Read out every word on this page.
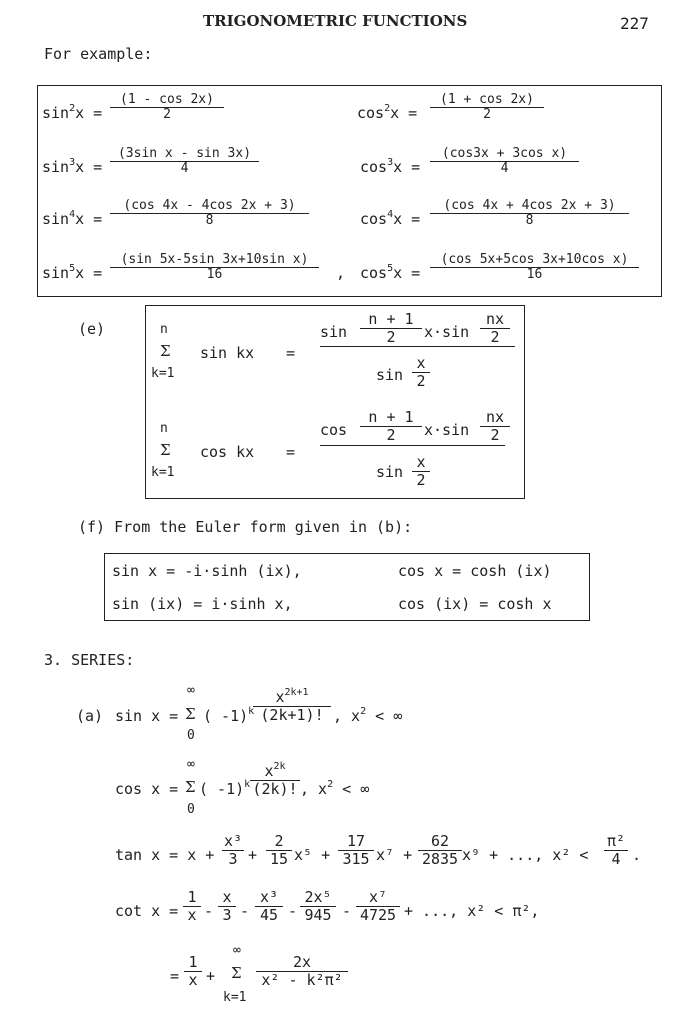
TRIGONOMETRIC FUNCTIONS	227
For example:
$\sin^2x = \frac{(1 - \cos 2x)}{2}$	$\cos^2x = \frac{(1 + \cos 2x)}{2}$
$\sin^3x = \frac{\text{(3sin x - sin 3x)}}{4}$	$\cos^3x = \frac{\text{(cos3x + 3cos x)}}{4}$
$\sin^4x = \frac{(\cos 4x - 4\cos 2x + 3)}{8}$	$\cos^4x = \frac{(\cos 4x + 4\cos 2x + 3)}{8}$
$\sin^5x = \frac{\text{(sin 5x-5sin 3x+10sin x)}}{16}$ , $\cos^5x = \frac{\text{(cos 5x+5cos 3x+10cos x)}}{16}$
(e)	n
Σ
k=1
sin kx =
$\sin \frac{n + 1}{2} x\cdot\sin \frac{nx}{2}$
$\sin \frac{x}{2}$
n
Σ
k=1
cos kx =
$\cos \frac{n + 1}{2} x\cdot\sin \frac{nx}{2}$
$\sin \frac{x}{2}$
(f) From the Euler form given in (b):
sin x = -i·sinh (ix),	cos x = cosh (ix)
sin (ix) = i·sinh x,	cos (ix) = cosh x
3. SERIES:
(a) sin x =
∞
Σ
0
( -1)$^k$
$\frac{x^{2k+1}}{(2k+1)!}$ , $x^2$ < ∞
cos x =
∞
Σ
0
( $-1)^k \frac{x^{2k}}{(2k)!}$ , $x^2$ < ∞
$\tan x = x + \frac{\text{x³}}{3} + \frac{2}{15} x^5 + \frac{17}{315} x^7 + \frac{62}{2835} x^9$ + ..., $x^2 < \frac{\text{π²}}{4}$ .
$\cot x = \frac{1}{x} - \frac{x}{3} - \frac{\text{x³}}{45} - \frac{\text{2x⁵}}{945} - \frac{\text{x⁷}}{4725}$ + ..., x² < π²,
= $\frac{1}{x}$ +
∞
Σ
k=1
$\frac{2x}{\text{x² - k²π²}}$
